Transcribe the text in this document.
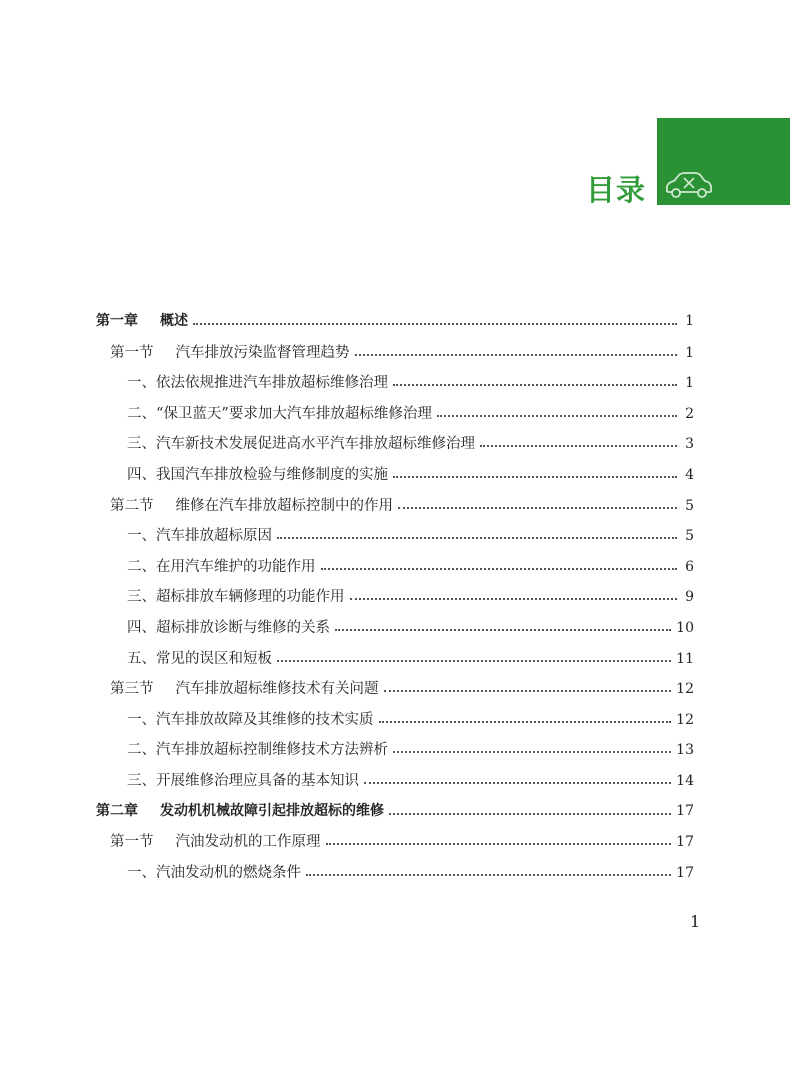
目录
第一章 概述	1
第一节 汽车排放污染监督管理趋势	1
一、依法依规推进汽车排放超标维修治理	1
二、“保卫蓝天”要求加大汽车排放超标维修治理	2
三、汽车新技术发展促进高水平汽车排放超标维修治理	3
四、我国汽车排放检验与维修制度的实施	4
第二节 维修在汽车排放超标控制中的作用	5
一、汽车排放超标原因	5
二、在用汽车维护的功能作用	6
三、超标排放车辆修理的功能作用	9
四、超标排放诊断与维修的关系	10
五、常见的误区和短板	11
第三节 汽车排放超标维修技术有关问题	12
一、汽车排放故障及其维修的技术实质	12
二、汽车排放超标控制维修技术方法辨析	13
三、开展维修治理应具备的基本知识	14
第二章 发动机机械故障引起排放超标的维修	17
第一节 汽油发动机的工作原理	17
一、汽油发动机的燃烧条件	17
1
